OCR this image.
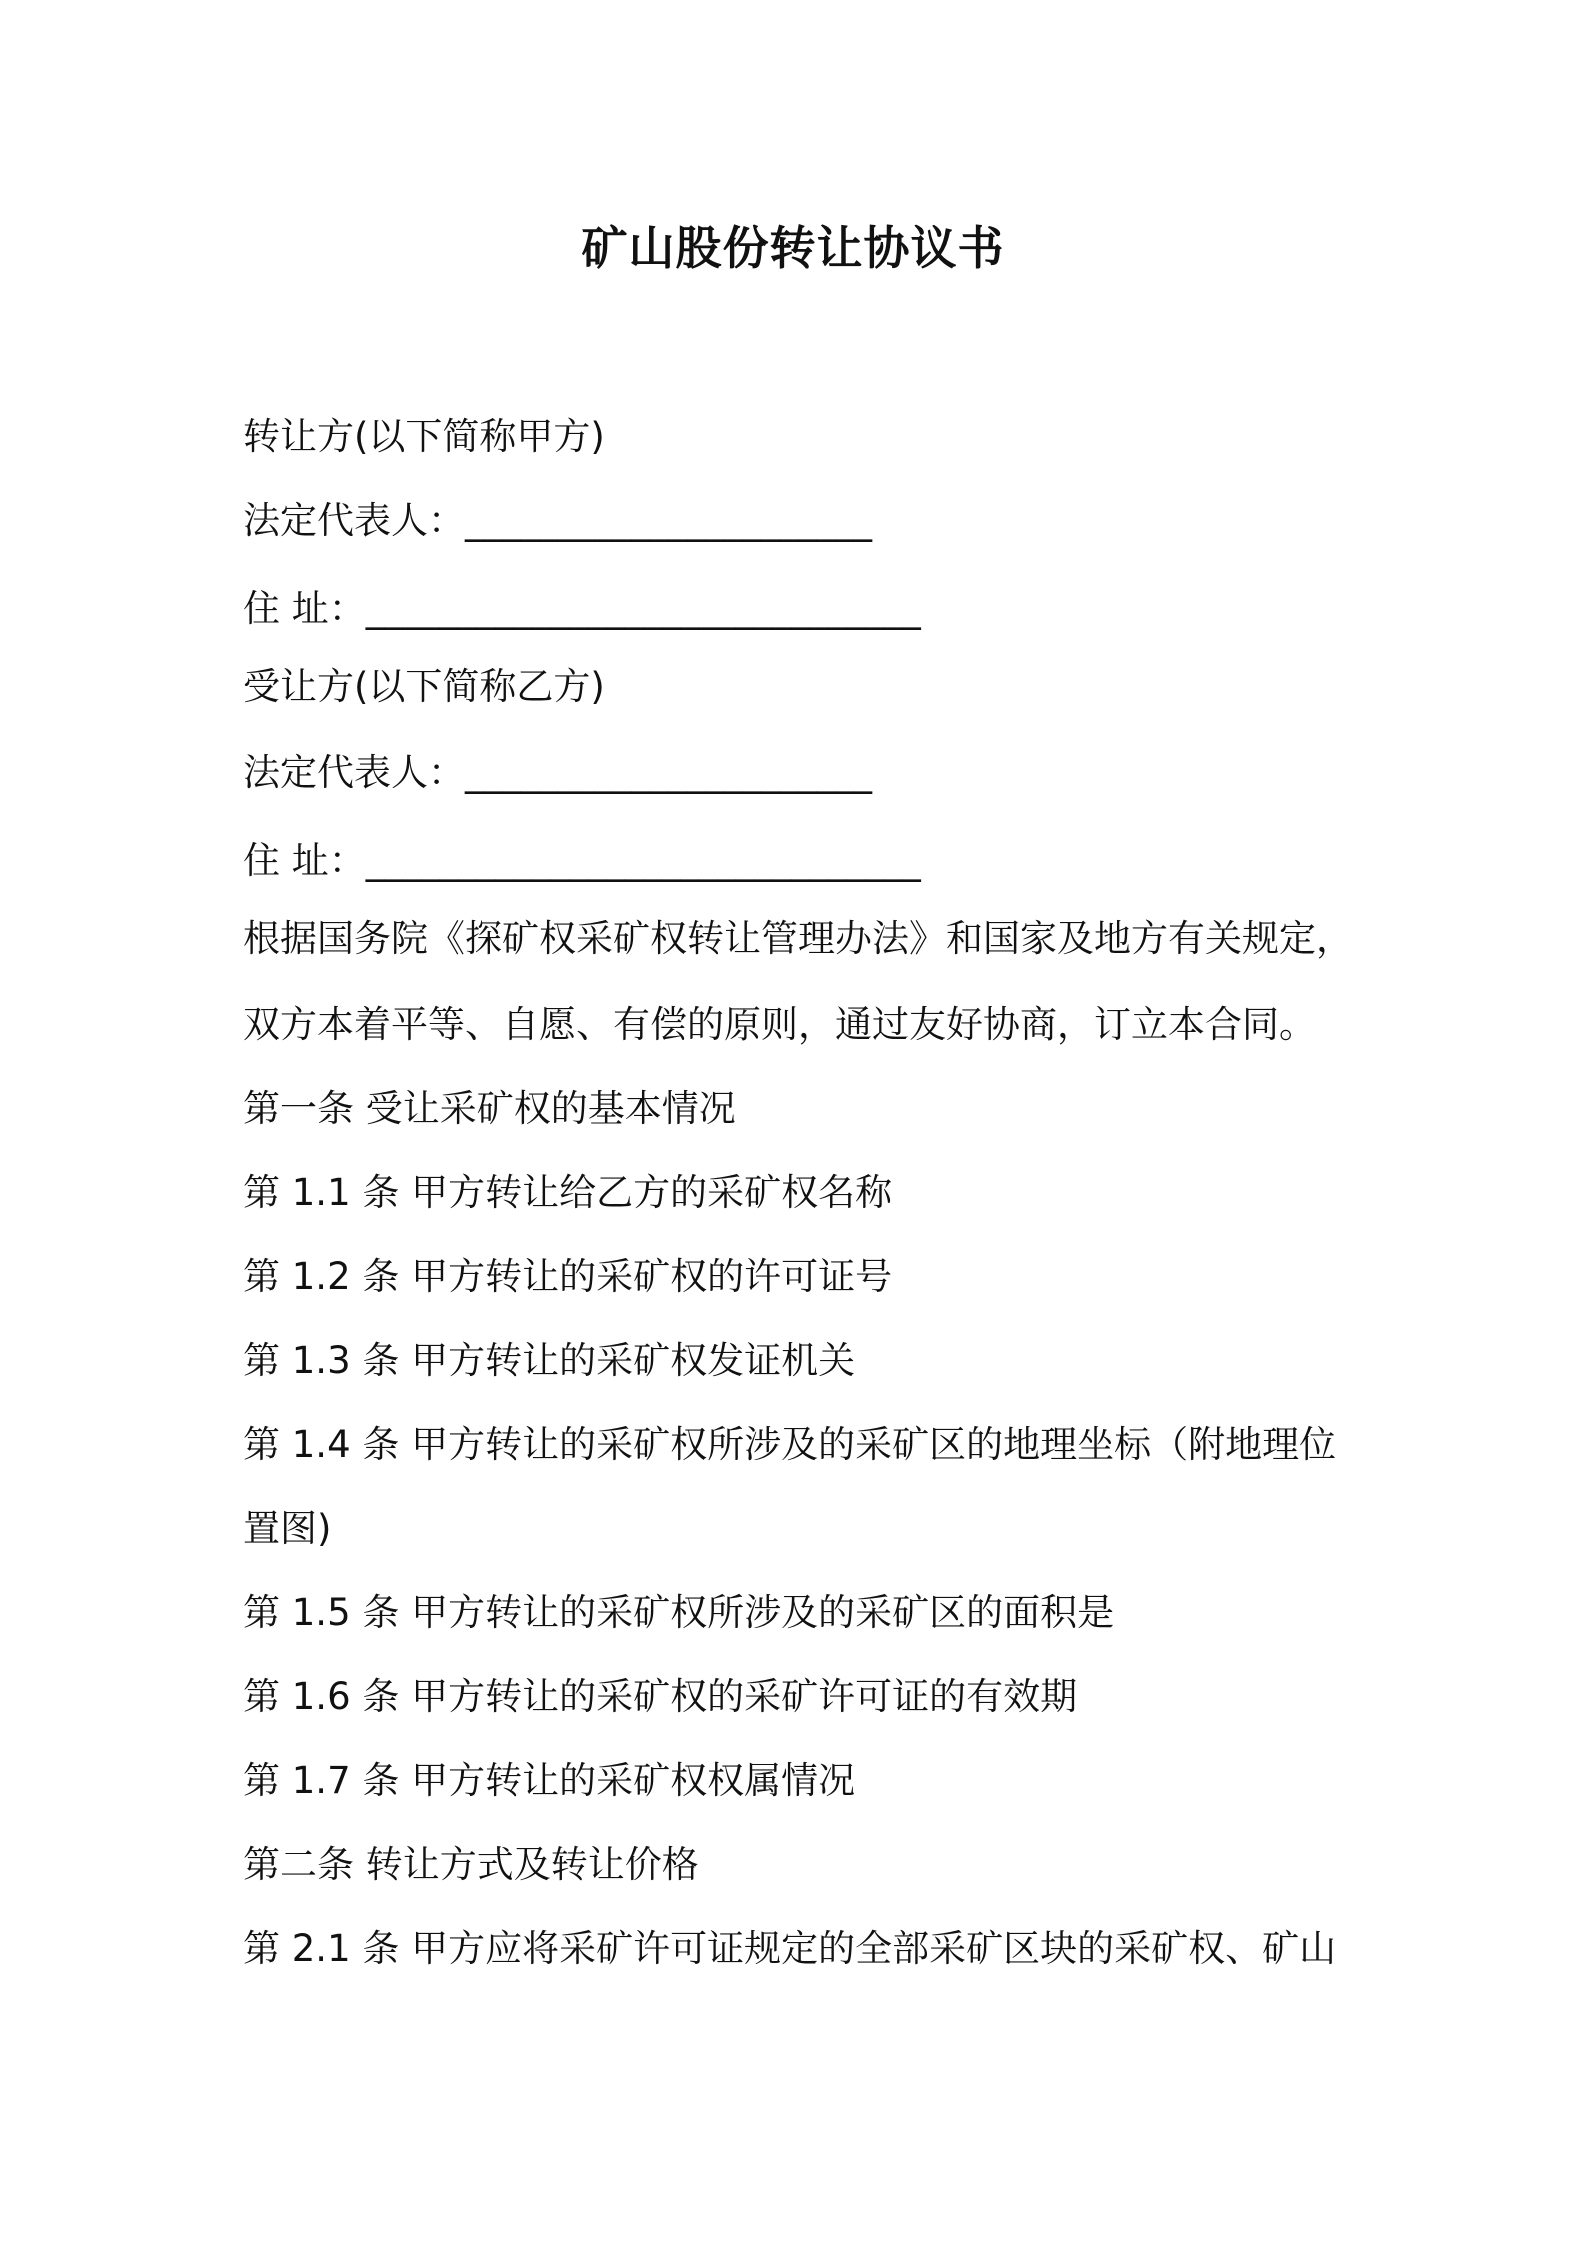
矿山股份转让协议书
转让方(以下简称甲方)
法定代表人：______________________
住 址：______________________________
受让方(以下简称乙方)
法定代表人：______________________
住 址：______________________________
根据国务院《探矿权采矿权转让管理办法》和国家及地方有关规定，
双方本着平等、自愿、有偿的原则，通过友好协商，订立本合同。
第一条 受让采矿权的基本情况
第 1.1 条 甲方转让给乙方的采矿权名称
第 1.2 条 甲方转让的采矿权的许可证号
第 1.3 条 甲方转让的采矿权发证机关
第 1.4 条 甲方转让的采矿权所涉及的采矿区的地理坐标（附地理位
置图)
第 1.5 条 甲方转让的采矿权所涉及的采矿区的面积是
第 1.6 条 甲方转让的采矿权的采矿许可证的有效期
第 1.7 条 甲方转让的采矿权权属情况
第二条 转让方式及转让价格
第 2.1 条 甲方应将采矿许可证规定的全部采矿区块的采矿权、矿山
